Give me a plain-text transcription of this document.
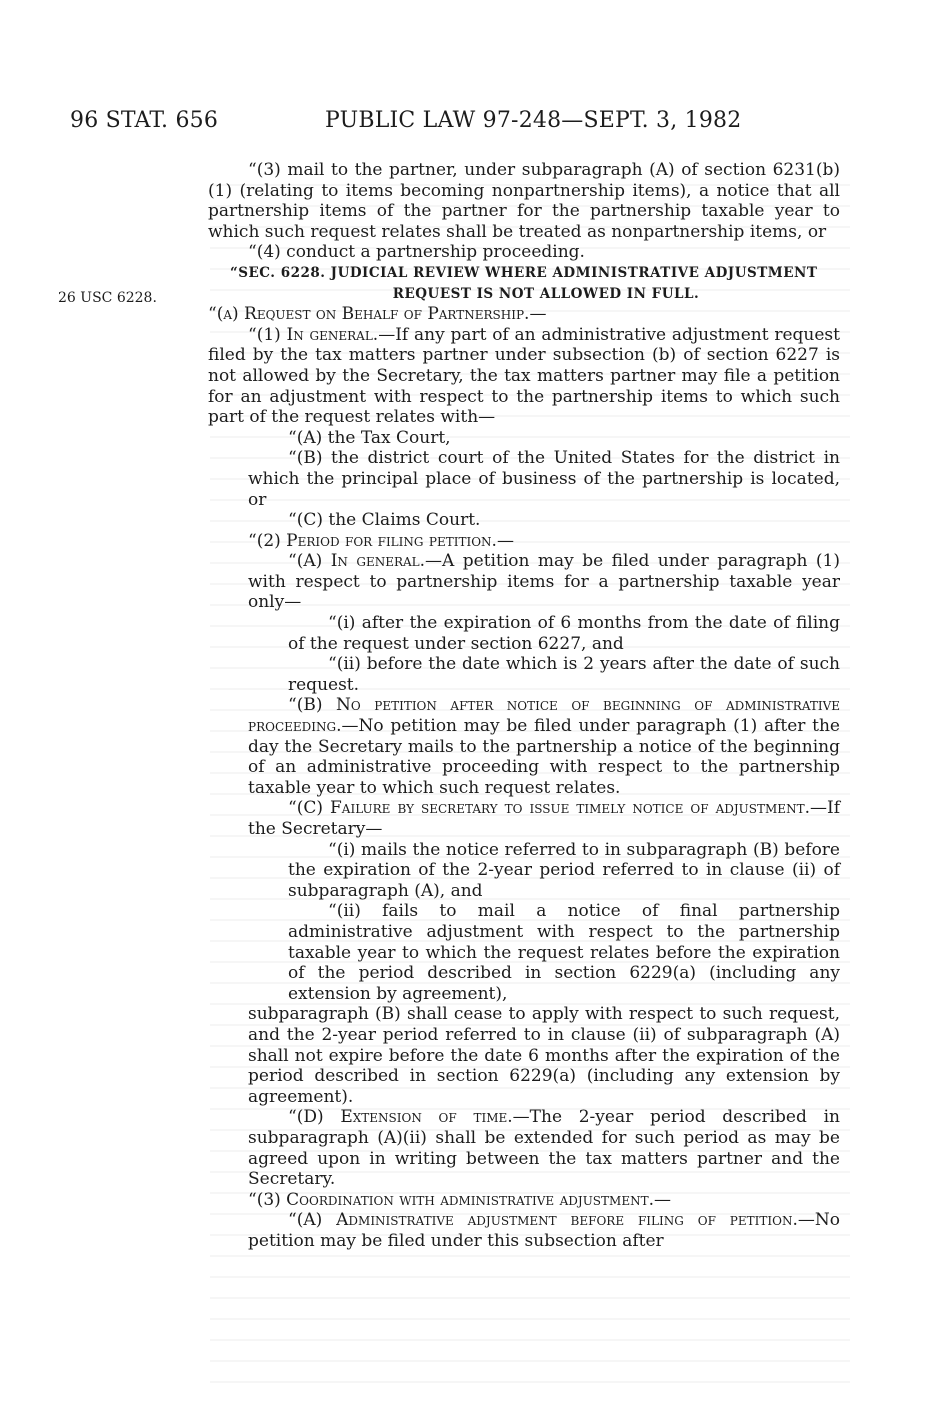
96 STAT. 656	PUBLIC LAW 97-248—SEPT. 3, 1982
26 USC 6228.

“(3) mail to the partner, under subparagraph (A) of section 6231(b)(1) (relating to items becoming nonpartnership items), a notice that all partnership items of the partner for the partnership taxable year to which such request relates shall be treated as nonpartnership items, or

“(4) conduct a partnership proceeding.

“SEC. 6228. JUDICIAL REVIEW WHERE ADMINISTRATIVE ADJUSTMENT
REQUEST IS NOT ALLOWED IN FULL.

“(a) Request on Behalf of Partnership.—

“(1) In general.—If any part of an administrative adjustment request filed by the tax matters partner under subsection (b) of section 6227 is not allowed by the Secretary, the tax matters partner may file a petition for an adjustment with respect to the partnership items to which such part of the request relates with—

“(A) the Tax Court,

“(B) the district court of the United States for the district in which the principal place of business of the partnership is located, or

“(C) the Claims Court.

“(2) Period for filing petition.—

“(A) In general.—A petition may be filed under paragraph (1) with respect to partnership items for a partnership taxable year only—

“(i) after the expiration of 6 months from the date of filing of the request under section 6227, and

“(ii) before the date which is 2 years after the date of such request.

“(B) No petition after notice of beginning of administrative proceeding.—No petition may be filed under paragraph (1) after the day the Secretary mails to the partnership a notice of the beginning of an administrative proceeding with respect to the partnership taxable year to which such request relates.

“(C) Failure by secretary to issue timely notice of adjustment.—If the Secretary—

“(i) mails the notice referred to in subparagraph (B) before the expiration of the 2-year period referred to in clause (ii) of subparagraph (A), and

“(ii) fails to mail a notice of final partnership administrative adjustment with respect to the partnership taxable year to which the request relates before the expiration of the period described in section 6229(a) (including any extension by agreement),

subparagraph (B) shall cease to apply with respect to such request, and the 2-year period referred to in clause (ii) of subparagraph (A) shall not expire before the date 6 months after the expiration of the period described in section 6229(a) (including any extension by agreement).

“(D) Extension of time.—The 2-year period described in subparagraph (A)(ii) shall be extended for such period as may be agreed upon in writing between the tax matters partner and the Secretary.

“(3) Coordination with administrative adjustment.—

“(A) Administrative adjustment before filing of petition.—No petition may be filed under this subsection after
